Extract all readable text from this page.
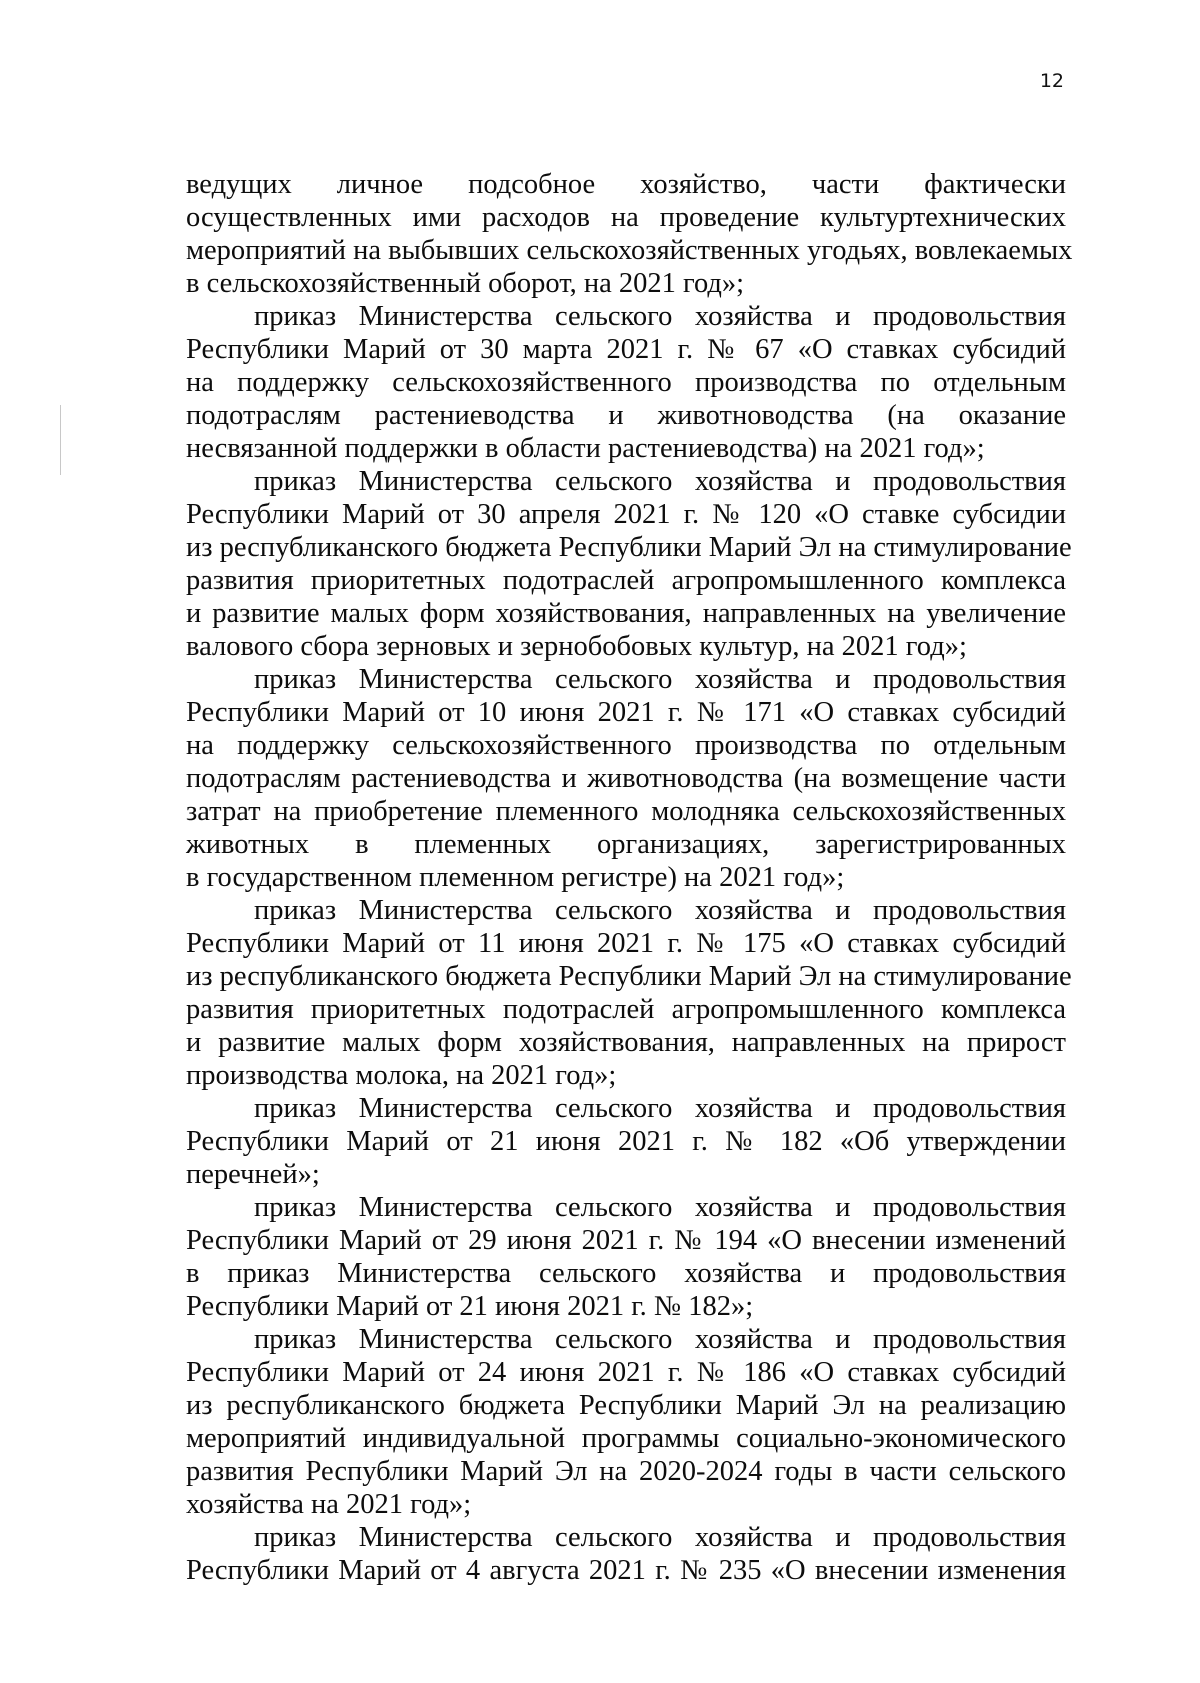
12
ведущих личное подсобное хозяйство, части фактически
осуществленных ими расходов на проведение культуртехнических
мероприятий на выбывших сельскохозяйственных угодьях, вовлекаемых
в сельскохозяйственный оборот, на 2021 год»;
приказ Министерства сельского хозяйства и продовольствия
Республики Марий от 30 марта 2021 г. № 67 «О ставках субсидий
на поддержку сельскохозяйственного производства по отдельным
подотраслям растениеводства и животноводства (на оказание
несвязанной поддержки в области растениеводства) на 2021 год»;
приказ Министерства сельского хозяйства и продовольствия
Республики Марий от 30 апреля 2021 г. № 120 «О ставке субсидии
из республиканского бюджета Республики Марий Эл на стимулирование
развития приоритетных подотраслей агропромышленного комплекса
и развитие малых форм хозяйствования, направленных на увеличение
валового сбора зерновых и зернобобовых культур, на 2021 год»;
приказ Министерства сельского хозяйства и продовольствия
Республики Марий от 10 июня 2021 г. № 171 «О ставках субсидий
на поддержку сельскохозяйственного производства по отдельным
подотраслям растениеводства и животноводства (на возмещение части
затрат на приобретение племенного молодняка сельскохозяйственных
животных в племенных организациях, зарегистрированных
в государственном племенном регистре) на 2021 год»;
приказ Министерства сельского хозяйства и продовольствия
Республики Марий от 11 июня 2021 г. № 175 «О ставках субсидий
из республиканского бюджета Республики Марий Эл на стимулирование
развития приоритетных подотраслей агропромышленного комплекса
и развитие малых форм хозяйствования, направленных на прирост
производства молока, на 2021 год»;
приказ Министерства сельского хозяйства и продовольствия
Республики Марий от 21 июня 2021 г. № 182 «Об утверждении
перечней»;
приказ Министерства сельского хозяйства и продовольствия
Республики Марий от 29 июня 2021 г. № 194 «О внесении изменений
в приказ Министерства сельского хозяйства и продовольствия
Республики Марий от 21 июня 2021 г. № 182»;
приказ Министерства сельского хозяйства и продовольствия
Республики Марий от 24 июня 2021 г. № 186 «О ставках субсидий
из республиканского бюджета Республики Марий Эл на реализацию
мероприятий индивидуальной программы социально-экономического
развития Республики Марий Эл на 2020-2024 годы в части сельского
хозяйства на 2021 год»;
приказ Министерства сельского хозяйства и продовольствия
Республики Марий от 4 августа 2021 г. № 235 «О внесении изменения
